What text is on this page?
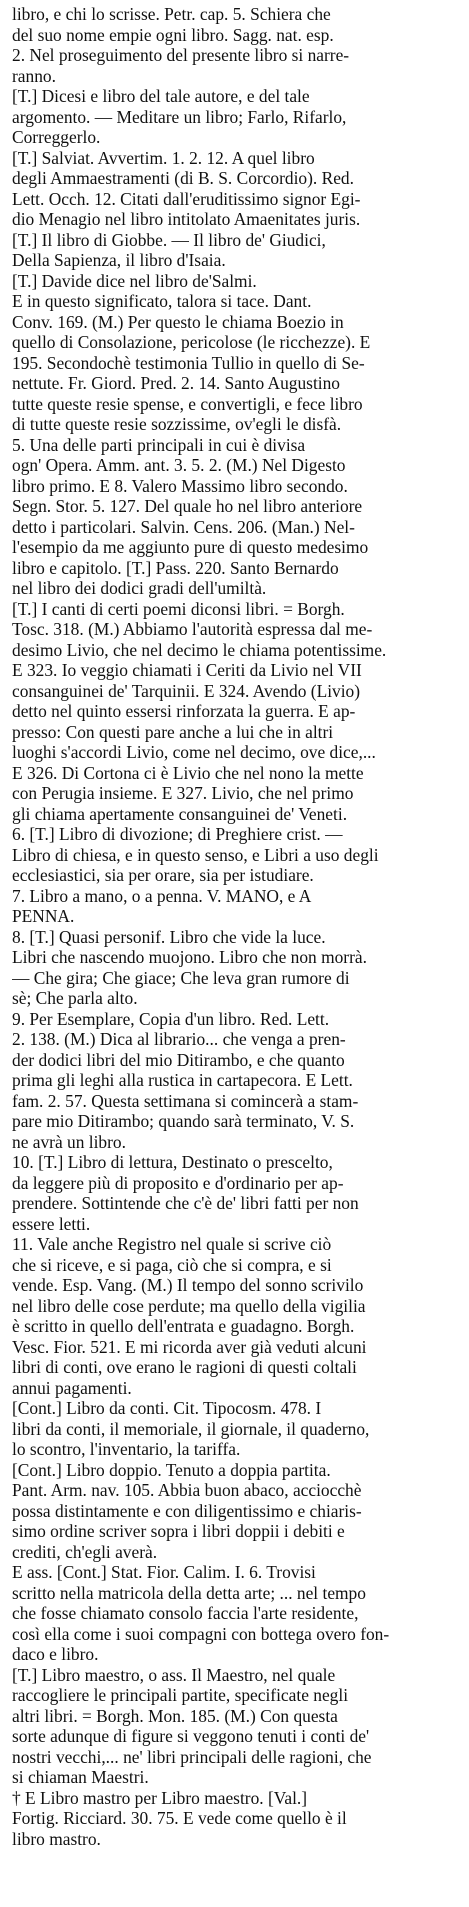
libro, e chi lo scrisse. Petr. cap. 5. Schiera che
del suo nome empie ogni libro. Sagg. nat. esp.
2. Nel proseguimento del presente libro si narre-
ranno.
[T.] Dicesi e libro del tale autore, e del tale
argomento. — Meditare un libro; Farlo, Rifarlo,
Correggerlo.
[T.] Salviat. Avvertim. 1. 2. 12. A quel libro
degli Ammaestramenti (di B. S. Corcordio). Red.
Lett. Occh. 12. Citati dall'eruditissimo signor Egi-
dio Menagio nel libro intitolato Amaenitates juris.
[T.] Il libro di Giobbe. — Il libro de' Giudici,
Della Sapienza, il libro d'Isaia.
[T.] Davide dice nel libro de'Salmi.
E in questo significato, talora si tace. Dant.
Conv. 169. (M.) Per questo le chiama Boezio in
quello di Consolazione, pericolose (le ricchezze). E
195. Secondochè testimonia Tullio in quello di Se-
nettute. Fr. Giord. Pred. 2. 14. Santo Augustino
tutte queste resie spense, e convertigli, e fece libro
di tutte queste resie sozzissime, ov'egli le disfà.
5. Una delle parti principali in cui è divisa
ogn' Opera. Amm. ant. 3. 5. 2. (M.) Nel Digesto
libro primo. E 8. Valero Massimo libro secondo.
Segn. Stor. 5. 127. Del quale ho nel libro anteriore
detto i particolari. Salvin. Cens. 206. (Man.) Nel-
l'esempio da me aggiunto pure di questo medesimo
libro e capitolo. [T.] Pass. 220. Santo Bernardo
nel libro dei dodici gradi dell'umiltà.
[T.] I canti di certi poemi diconsi libri. = Borgh.
Tosc. 318. (M.) Abbiamo l'autorità espressa dal me-
desimo Livio, che nel decimo le chiama potentissime.
E 323. Io veggio chiamati i Ceriti da Livio nel VII
consanguinei de' Tarquinii. E 324. Avendo (Livio)
detto nel quinto essersi rinforzata la guerra. E ap-
presso: Con questi pare anche a lui che in altri
luoghi s'accordi Livio, come nel decimo, ove dice,...
E 326. Di Cortona ci è Livio che nel nono la mette
con Perugia insieme. E 327. Livio, che nel primo
gli chiama apertamente consanguinei de' Veneti.
6. [T.] Libro di divozione; di Preghiere crist. —
Libro di chiesa, e in questo senso, e Libri a uso degli
ecclesiastici, sia per orare, sia per istudiare.
7. Libro a mano, o a penna. V. MANO, e A
PENNA.
8. [T.] Quasi personif. Libro che vide la luce.
Libri che nascendo muojono. Libro che non morrà.
— Che gira; Che giace; Che leva gran rumore di
sè; Che parla alto.
9. Per Esemplare, Copia d'un libro. Red. Lett.
2. 138. (M.) Dica al librario... che venga a pren-
der dodici libri del mio Ditirambo, e che quanto
prima gli leghi alla rustica in cartapecora. E Lett.
fam. 2. 57. Questa settimana si comincerà a stam-
pare mio Ditirambo; quando sarà terminato, V. S.
ne avrà un libro.
10. [T.] Libro di lettura, Destinato o prescelto,
da leggere più di proposito e d'ordinario per ap-
prendere. Sottintende che c'è de' libri fatti per non
essere letti.
11. Vale anche Registro nel quale si scrive ciò
che si riceve, e si paga, ciò che si compra, e si
vende. Esp. Vang. (M.) Il tempo del sonno scrivilo
nel libro delle cose perdute; ma quello della vigilia
è scritto in quello dell'entrata e guadagno. Borgh.
Vesc. Fior. 521. E mi ricorda aver già veduti alcuni
libri di conti, ove erano le ragioni di questi coltali
annui pagamenti.
[Cont.] Libro da conti. Cit. Tipocosm. 478. I
libri da conti, il memoriale, il giornale, il quaderno,
lo scontro, l'inventario, la tariffa.
[Cont.] Libro doppio. Tenuto a doppia partita.
Pant. Arm. nav. 105. Abbia buon abaco, acciocchè
possa distintamente e con diligentissimo e chiaris-
simo ordine scriver sopra i libri doppii i debiti e
crediti, ch'egli averà.
E ass. [Cont.] Stat. Fior. Calim. I. 6. Trovisi
scritto nella matricola della detta arte; ... nel tempo
che fosse chiamato consolo faccia l'arte residente,
così ella come i suoi compagni con bottega overo fon-
daco e libro.
[T.] Libro maestro, o ass. Il Maestro, nel quale
raccogliere le principali partite, specificate negli
altri libri. = Borgh. Mon. 185. (M.) Con questa
sorte adunque di figure si veggono tenuti i conti de'
nostri vecchi,... ne' libri principali delle ragioni, che
si chiaman Maestri.
† E Libro mastro per Libro maestro. [Val.]
Fortig. Ricciard. 30. 75. E vede come quello è il
libro mastro.
